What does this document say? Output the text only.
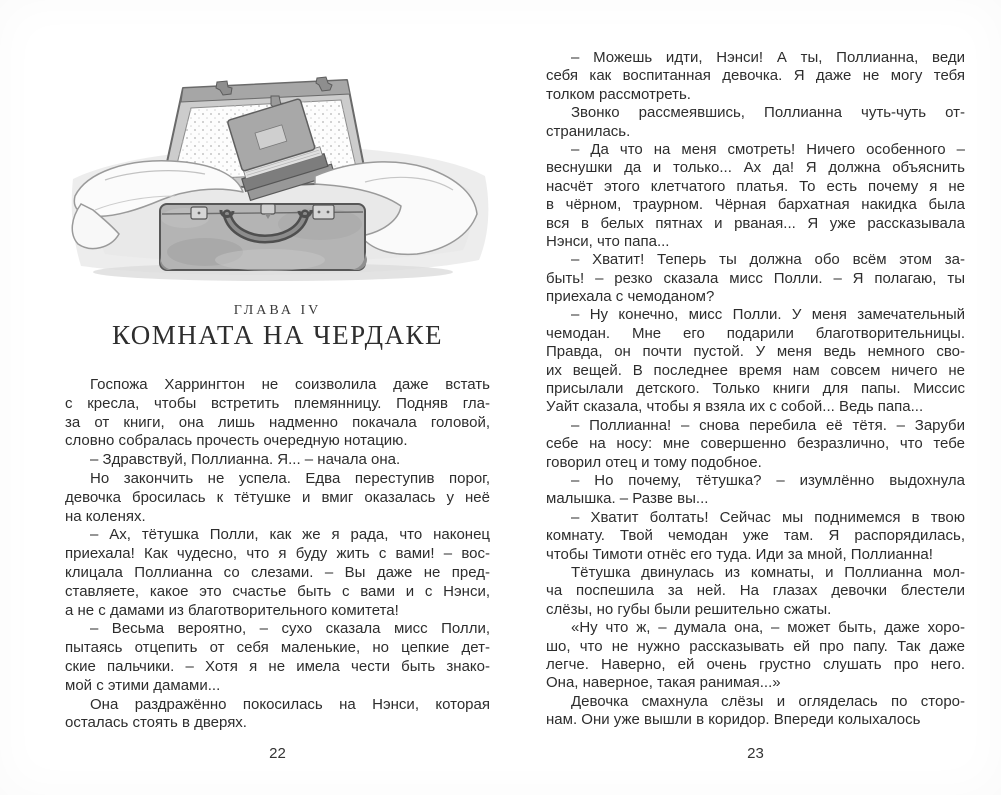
ГЛАВА IV
КОМНАТА НА ЧЕРДАКЕ
Госпожа Харрингтон не соизволила даже встать
с кресла, чтобы встретить племянницу. Подняв гла-
за от книги, она лишь надменно покачала головой,
словно собралась прочесть очередную нотацию.
– Здравствуй, Поллианна. Я... – начала она.
Но закончить не успела. Едва переступив порог,
девочка бросилась к тётушке и вмиг оказалась у неё
на коленях.
– Ах, тётушка Полли, как же я рада, что наконец
приехала! Как чудесно, что я буду жить с вами! – вос-
клицала Поллианна со слезами. – Вы даже не пред-
ставляете, какое это счастье быть с вами и с Нэнси,
а не с дамами из благотворительного комитета!
– Весьма вероятно, – сухо сказала мисс Полли,
пытаясь отцепить от себя маленькие, но цепкие дет-
ские пальчики. – Хотя я не имела чести быть знако-
мой с этими дамами...
Она раздражённо покосилась на Нэнси, которая
осталась стоять в дверях.
22
– Можешь идти, Нэнси! А ты, Поллианна, веди
себя как воспитанная девочка. Я даже не могу тебя
толком рассмотреть.
Звонко рассмеявшись, Поллианна чуть-чуть от-
странилась.
– Да что на меня смотреть! Ничего особенного –
веснушки да и только... Ах да! Я должна объяснить
насчёт этого клетчатого платья. То есть почему я не
в чёрном, траурном. Чёрная бархатная накидка была
вся в белых пятнах и рваная... Я уже рассказывала
Нэнси, что папа...
– Хватит! Теперь ты должна обо всём этом за-
быть! – резко сказала мисс Полли. – Я полагаю, ты
приехала с чемоданом?
– Ну конечно, мисс Полли. У меня замечательный
чемодан. Мне его подарили благотворительницы.
Правда, он почти пустой. У меня ведь немного сво-
их вещей. В последнее время нам совсем ничего не
присылали детского. Только книги для папы. Миссис
Уайт сказала, чтобы я взяла их с собой... Ведь папа...
– Поллианна! – снова перебила её тётя. – Заруби
себе на носу: мне совершенно безразлично, что тебе
говорил отец и тому подобное.
– Но почему, тётушка? – изумлённо выдохнула
малышка. – Разве вы...
– Хватит болтать! Сейчас мы поднимемся в твою
комнату. Твой чемодан уже там. Я распорядилась,
чтобы Тимоти отнёс его туда. Иди за мной, Поллианна!
Тётушка двинулась из комнаты, и Поллианна мол-
ча поспешила за ней. На глазах девочки блестели
слёзы, но губы были решительно сжаты.
«Ну что ж, – думала она, – может быть, даже хоро-
шо, что не нужно рассказывать ей про папу. Так даже
легче. Наверно, ей очень грустно слушать про него.
Она, наверное, такая ранимая...»
Девочка смахнула слёзы и огляделась по сторо-
нам. Они уже вышли в коридор. Впереди колыхалось
23
